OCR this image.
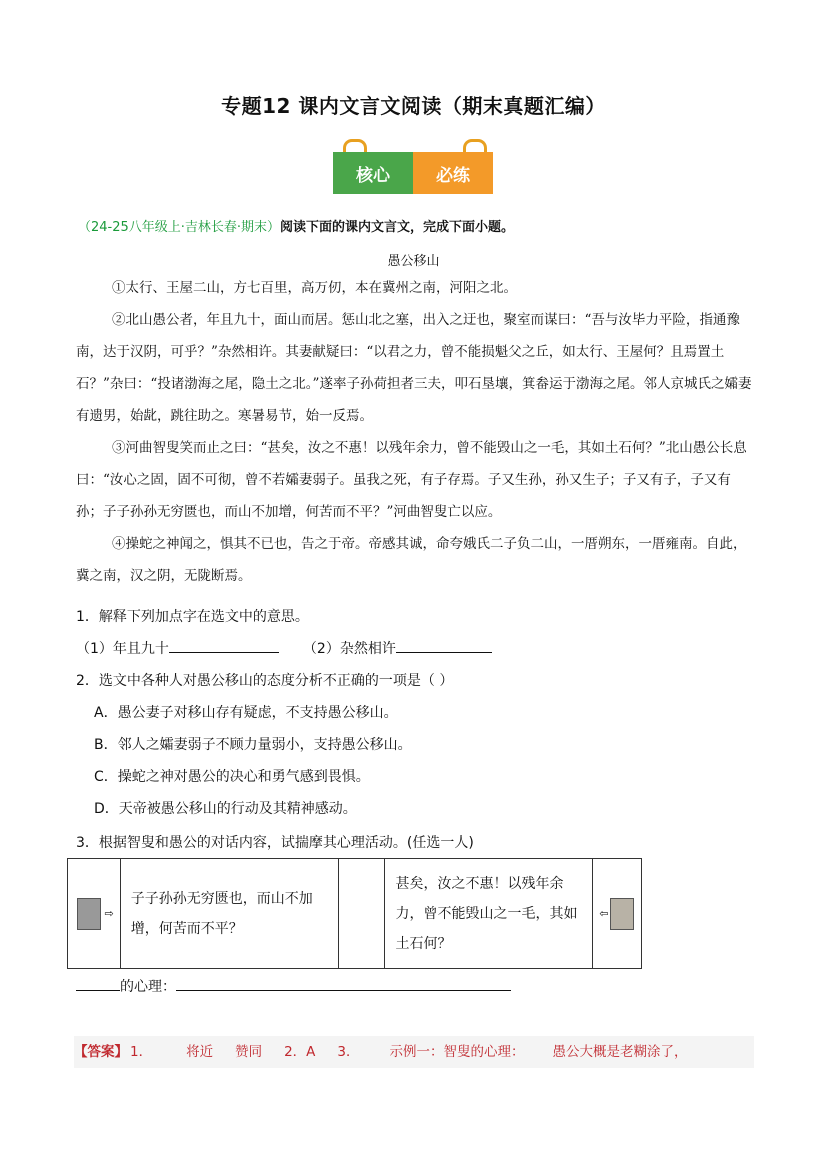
专题12 课内文言文阅读（期末真题汇编）
核心	必练
（24-25八年级上·吉林长春·期末）阅读下面的课内文言文，完成下面小题。
愚公移山
①太行、王屋二山，方七百里，高万仞，本在冀州之南，河阳之北。
②北山愚公者，年且九十，面山而居。惩山北之塞，出入之迂也，聚室而谋曰：“吾与汝毕力平险，指通豫南，达于汉阴，可乎？”杂然相许。其妻献疑曰：“以君之力，曾不能损魁父之丘，如太行、王屋何？且焉置土石？”杂曰：“投诸渤海之尾，隐土之北。”遂率子孙荷担者三夫，叩石垦壤，箕畚运于渤海之尾。邻人京城氏之孀妻有遗男，始龀，跳往助之。寒暑易节，始一反焉。
③河曲智叟笑而止之曰：“甚矣，汝之不惠！以残年余力，曾不能毁山之一毛，其如土石何？”北山愚公长息曰：“汝心之固，固不可彻，曾不若孀妻弱子。虽我之死，有子存焉。子又生孙，孙又生子；子又有子，子又有孙；子子孙孙无穷匮也，而山不加增，何苦而不平？”河曲智叟亡以应。
④操蛇之神闻之，惧其不已也，告之于帝。帝感其诚，命夸娥氏二子负二山，一厝朔东，一厝雍南。自此，冀之南，汉之阴，无陇断焉。
1．解释下列加点字在选文中的意思。
（1）年且九十	（2）杂然相许
2．选文中各种人对愚公移山的态度分析不正确的一项是（ ）
A．愚公妻子对移山存有疑虑，不支持愚公移山。
B．邻人之孀妻弱子不顾力量弱小，支持愚公移山。
C．操蛇之神对愚公的决心和勇气感到畏惧。
D．天帝被愚公移山的行动及其精神感动。
3．根据智叟和愚公的对话内容，试揣摩其心理活动。(任选一人)
⇨
	子子孙孙无穷匮也，而山不加增，何苦而不平？		甚矣，汝之不惠！以残年余力，曾不能毁山之一毛，其如土石何？	
⇦
的心理：
【答案】 1．	将近 赞同 2．A 3． 示例一：智叟的心理： 愚公大概是老糊涂了，
